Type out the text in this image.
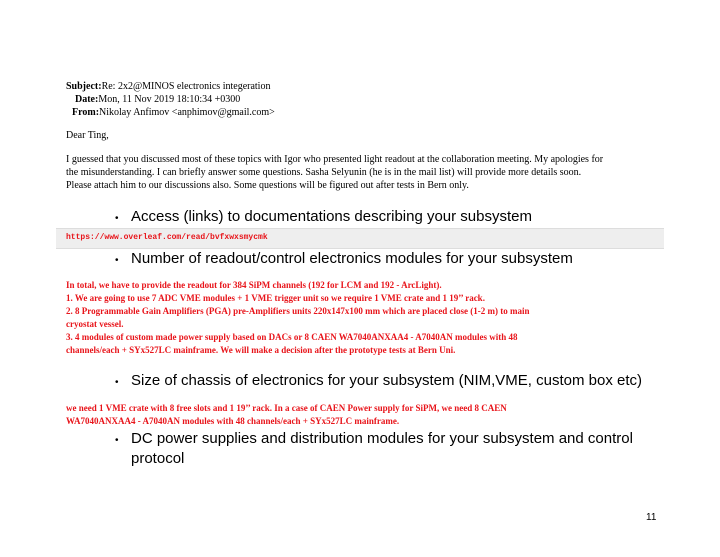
Subject:Re: 2x2@MINOS electronics integeration
Date:Mon, 11 Nov 2019 18:10:34 +0300
From:Nikolay Anfimov <anphimov@gmail.com>
Dear Ting,
I guessed that you discussed most of these topics with Igor who presented light readout at the collaboration meeting. My apologies for
the misunderstanding. I can briefly answer some questions. Sasha Selyunin (he is in the mail list) will provide more details soon.
Please attach him to our discussions also. Some questions will be figured out after tests in Bern only.
• Access (links) to documentations describing your subsystem
https://www.overleaf.com/read/bvfxwxsmycmk
• Number of readout/control electronics modules for your subsystem
In total, we have to provide the readout for 384 SiPM channels (192 for LCM and 192 - ArcLight).
1. We are going to use 7 ADC VME modules + 1 VME trigger unit so we require 1 VME crate and 1 19’’ rack.
2. 8 Programmable Gain Amplifiers (PGA) pre-Amplifiers units 220x147x100 mm which are placed close (1-2 m) to main
cryostat vessel.
3. 4 modules of custom made power supply based on DACs or 8 CAEN WA7040ANXAA4 - A7040AN modules with 48
channels/each + SYx527LC mainframe. We will make a decision after the prototype tests at Bern Uni.
• Size of chassis of electronics for your subsystem (NIM,VME, custom box etc)
we need 1 VME crate with 8 free slots and 1 19’’ rack. In a case of CAEN Power supply for SiPM, we need 8 CAEN
WA7040ANXAA4 - A7040AN modules with 48 channels/each + SYx527LC mainframe.
• DC power supplies and distribution modules for your subsystem and control protocol
11
